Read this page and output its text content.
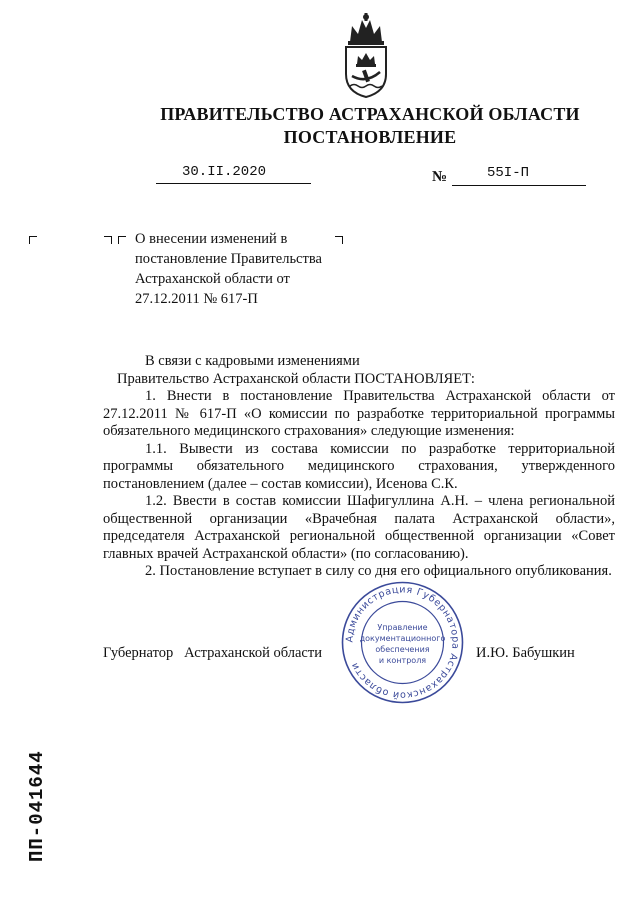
ПРАВИТЕЛЬСТВО АСТРАХАНСКОЙ ОБЛАСТИ
ПОСТАНОВЛЕНИЕ
30.II.2020	№	55I-П
О внесении изменений в постановление Правительства Астраханской области от 27.12.2011 № 617-П

В связи с кадровыми изменениями

Правительство Астраханской области ПОСТАНОВЛЯЕТ:

1. Внести в постановление Правительства Астраханской области от 27.12.2011 № 617-П «О комиссии по разработке территориальной программы обязательного медицинского страхования» следующие изменения:

1.1. Вывести из состава комиссии по разработке территориальной программы обязательного медицинского страхования, утвержденного постановлением (далее – состав комиссии), Исенова С.К.

1.2. Ввести в состав комиссии Шафигуллина А.Н. – члена региональной общественной организации «Врачебная палата Астраханской области», председателя Астраханской региональной общественной организации «Совет главных врачей Астраханской области» (по согласованию).

2. Постановление вступает в силу со дня его официального опубликования.

Губернатор   Астраханской области	И.Ю. Бабушкин
Администрация Губернатора Астраханской области
Управление
документационного
обеспечения
и контроля
ПП-041644
